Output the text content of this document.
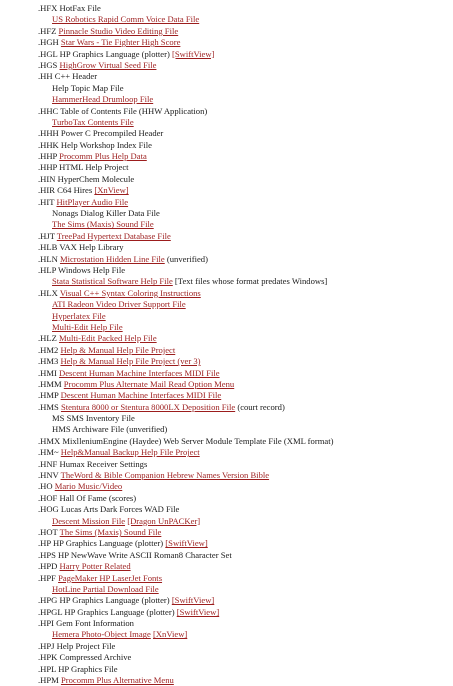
.HFX HotFax File
US Robotics Rapid Comm Voice Data File
.HFZ Pinnacle Studio Video Editing File
.HGH Star Wars - Tie Fighter High Score
.HGL HP Graphics Language (plotter) [SwiftView]
.HGS HighGrow Virtual Seed File
.HH C++ Header
Help Topic Map File
HammerHead Drumloop File
.HHC Table of Contents File (HHW Application)
TurboTax Contents File
.HHH Power C Precompiled Header
.HHK Help Workshop Index File
.HHP Procomm Plus Help Data
.HHP HTML Help Project
.HIN HyperChem Molecule
.HIR C64 Hires [XnView]
.HIT HitPlayer Audio File
Nonags Dialog Killer Data File
The Sims (Maxis) Sound File
.HJT TreePad Hypertext Database File
.HLB VAX Help Library
.HLN Microstation Hidden Line File (unverified)
.HLP Windows Help File
Stata Statistical Software Help File [Text files whose format predates Windows]
.HLX Visual C++ Syntax Coloring Instructions
ATI Radeon Video Driver Support File
Hyperlatex File
Multi-Edit Help File
.HLZ Multi-Edit Packed Help File
.HM2 Help & Manual Help File Project
.HM3 Help & Manual Help File Project (ver 3)
.HMI Descent Human Machine Interfaces MIDI File
.HMM Procomm Plus Alternate Mail Read Option Menu
.HMP Descent Human Machine Interfaces MIDI File
.HMS Stentura 8000 or Stentura 8000LX Deposition File (court record)
MS SMS Inventory File
HMS Archiware File (unverified)
.HMX MixlleniumEngine (Haydee) Web Server Module Template File (XML format)
.HM~ Help&Manual Backup Help File Project
.HNF Humax Receiver Settings
.HNV TheWord & Bible Companion Hebrew Names Version Bible
.HO Mario Music/Video
.HOF Hall Of Fame (scores)
.HOG Lucas Arts Dark Forces WAD File
Descent Mission File [Dragon UnPACKer]
.HOT The Sims (Maxis) Sound File
.HP HP Graphics Language (plotter) [SwiftView]
.HPS HP NewWave Write ASCII Roman8 Character Set
.HPD Harry Potter Related
.HPF PageMaker HP LaserJet Fonts
HotLine Partial Download File
.HPG HP Graphics Language (plotter) [SwiftView]
.HPGL HP Graphics Language (plotter) [SwiftView]
.HPI Gem Font Information
Hemera Photo-Object Image [XnView]
.HPJ Help Project File
.HPK Compressed Archive
.HPL HP Graphics File
.HPM Procomm Plus Alternative Menu
